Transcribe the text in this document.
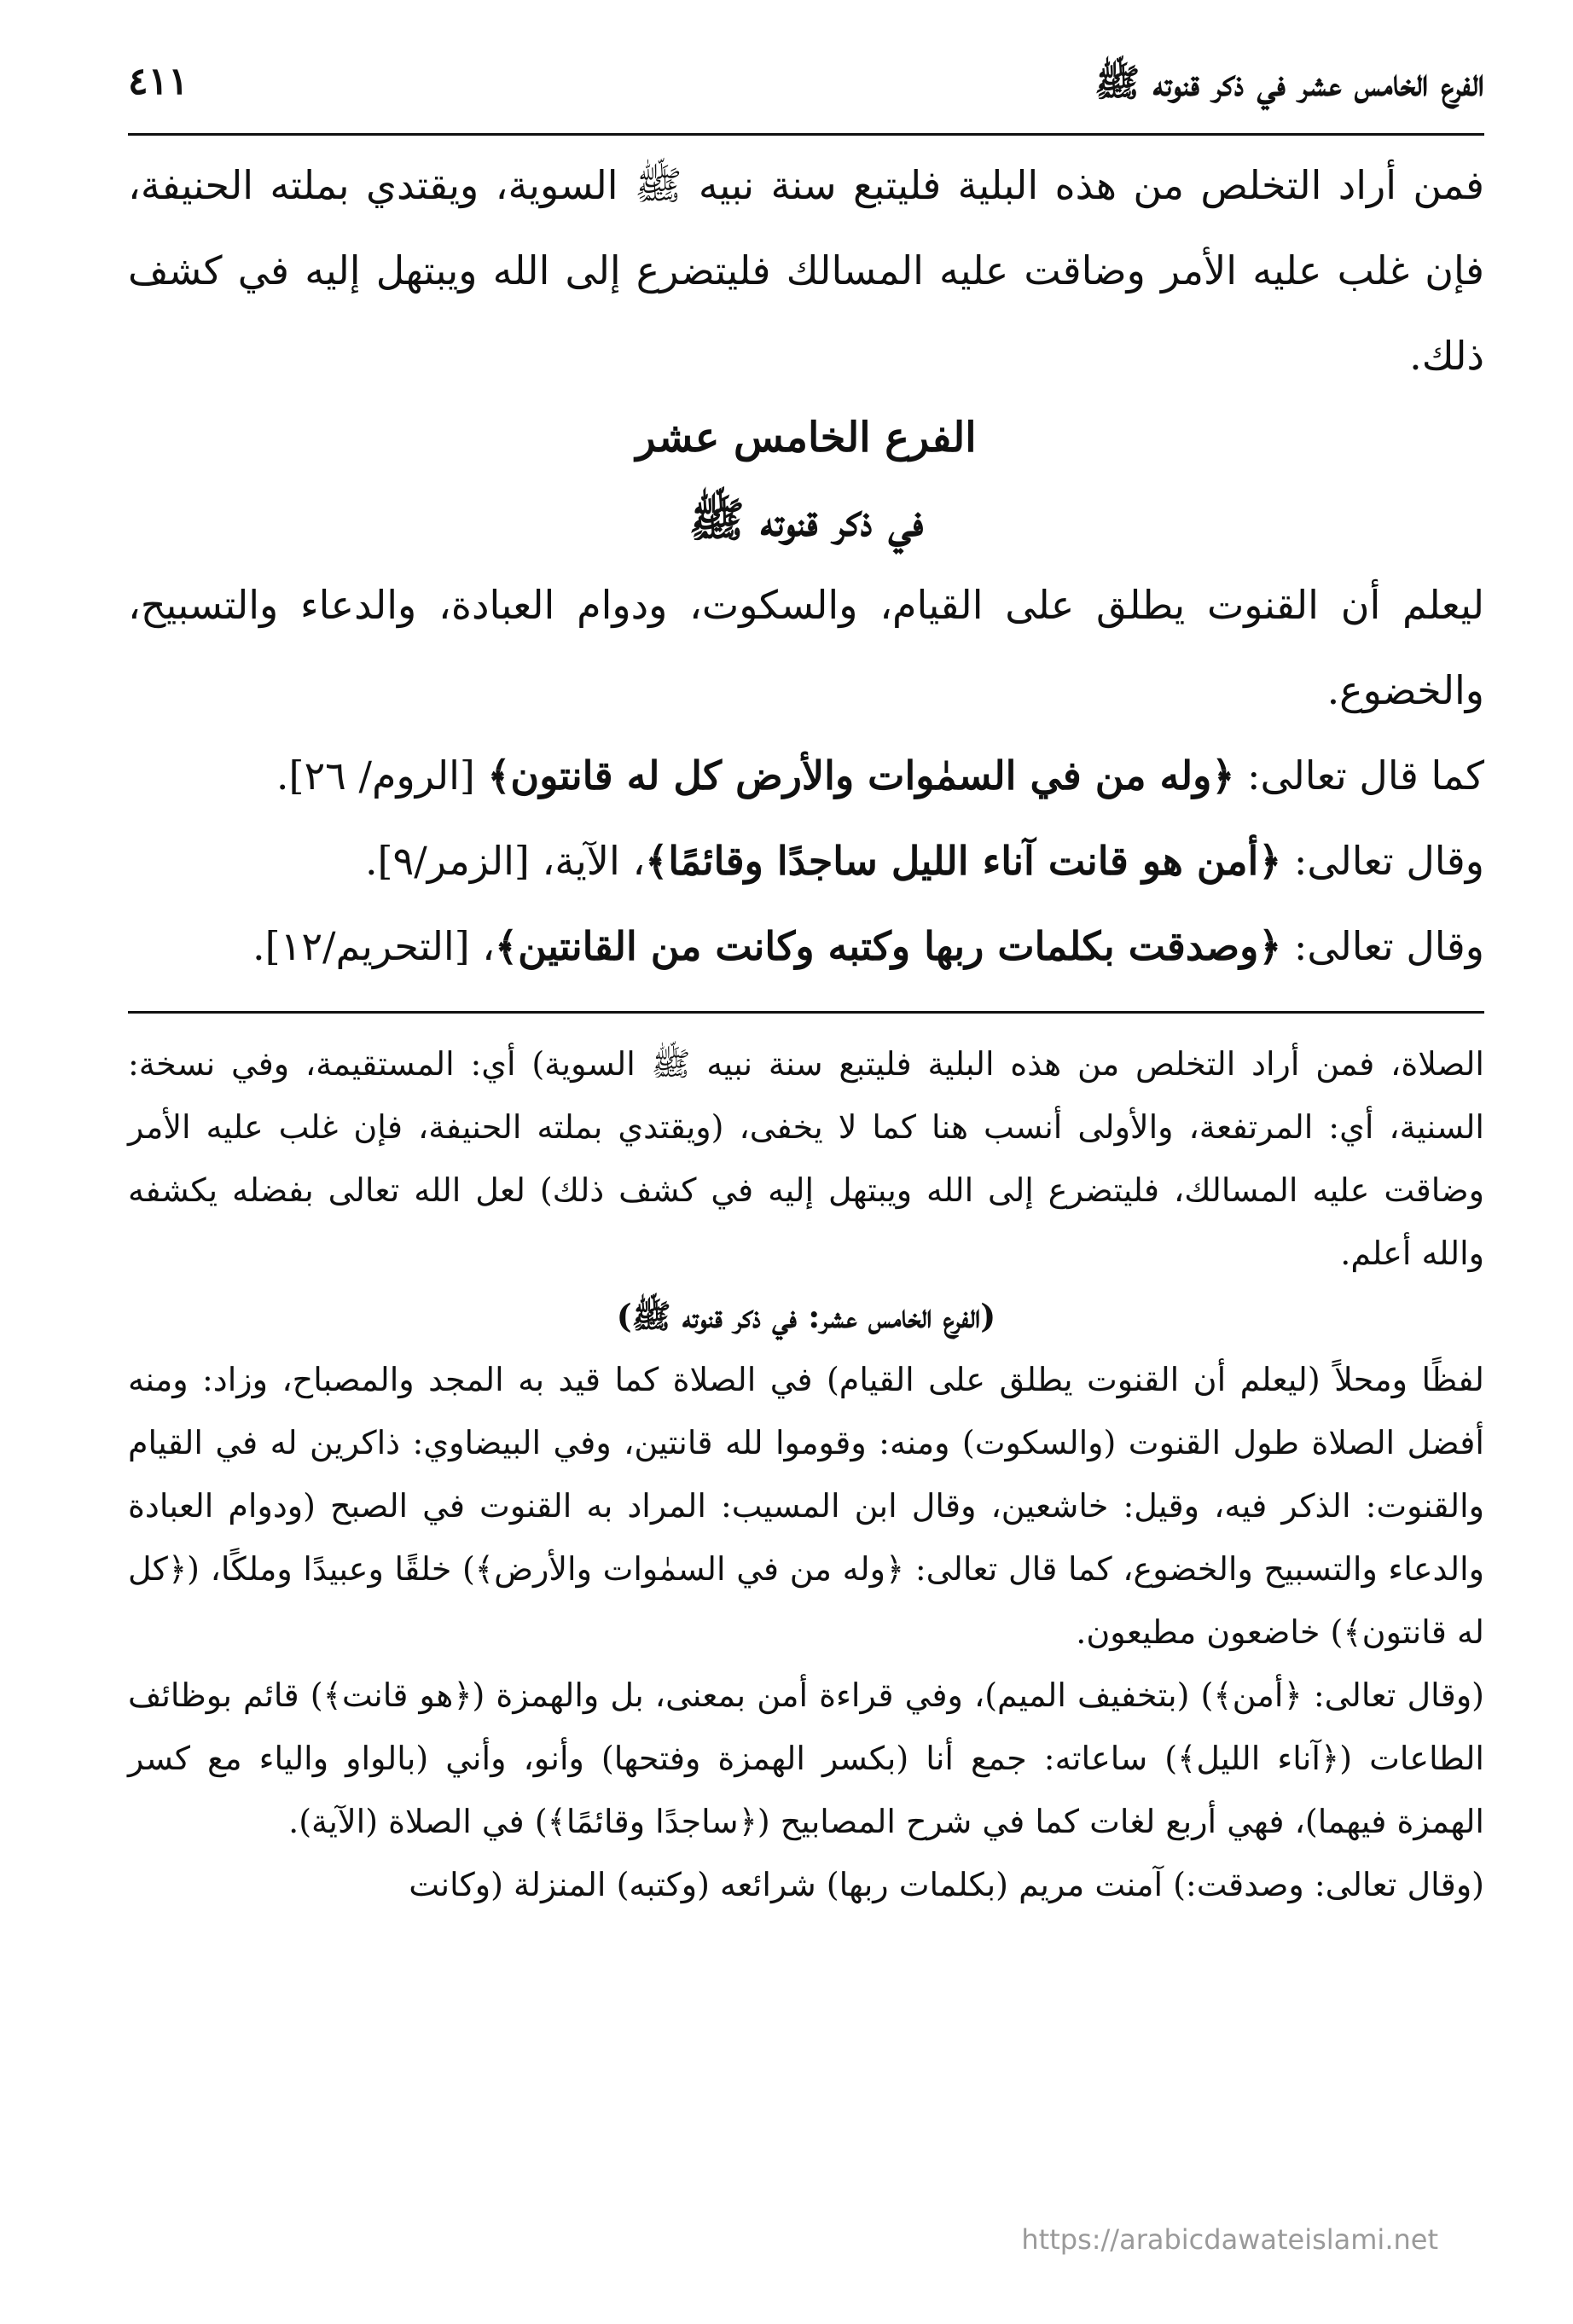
الفرع الخامس عشر في ذكر قنوته ﷺ
٤١١

فمن أراد التخلص من هذه البلية فليتبع سنة نبيه ﷺ السوية، ويقتدي بملته الحنيفة، فإن غلب عليه الأمر وضاقت عليه المسالك فليتضرع إلى الله ويبتهل إليه في كشف ذلك.

الفرع الخامس عشر
في ذكر قنوته ﷺ

ليعلم أن القنوت يطلق على القيام، والسكوت، ودوام العبادة، والدعاء والتسبيح، والخضوع.

كما قال تعالى: ﴿وله من في السمٰوات والأرض كل له قانتون﴾ [الروم/ ٢٦].

وقال تعالى: ﴿أمن هو قانت آناء الليل ساجدًا وقائمًا﴾، الآية، [الزمر/٩].

وقال تعالى: ﴿وصدقت بكلمات ربها وكتبه وكانت من القانتين﴾، [التحريم/١٢].

الصلاة، فمن أراد التخلص من هذه البلية فليتبع سنة نبيه ﷺ السوية) أي: المستقيمة، وفي نسخة: السنية، أي: المرتفعة، والأولى أنسب هنا كما لا يخفى، (ويقتدي بملته الحنيفة، فإن غلب عليه الأمر وضاقت عليه المسالك، فليتضرع إلى الله ويبتهل إليه في كشف ذلك) لعل الله تعالى بفضله يكشفه والله أعلم.

(الفرع الخامس عشر: في ذكر قنوته ﷺ)

لفظًا ومحلاً (ليعلم أن القنوت يطلق على القيام) في الصلاة كما قيد به المجد والمصباح، وزاد: ومنه أفضل الصلاة طول القنوت (والسكوت) ومنه: وقوموا لله قانتين، وفي البيضاوي: ذاكرين له في القيام والقنوت: الذكر فيه، وقيل: خاشعين، وقال ابن المسيب: المراد به القنوت في الصبح (ودوام العبادة والدعاء والتسبيح والخضوع، كما قال تعالى: ﴿وله من في السمٰوات والأرض﴾) خلقًا وعبيدًا وملكًا، (﴿كل له قانتون﴾) خاضعون مطيعون.

(وقال تعالى: ﴿أمن﴾) (بتخفيف الميم)، وفي قراءة أمن بمعنى، بل والهمزة (﴿هو قانت﴾) قائم بوظائف الطاعات (﴿آناء الليل﴾) ساعاته: جمع أنا (بكسر الهمزة وفتحها) وأنو، وأني (بالواو والياء مع كسر الهمزة فيهما)، فهي أربع لغات كما في شرح المصابيح (﴿ساجدًا وقائمًا﴾) في الصلاة (الآية).

(وقال تعالى: وصدقت:) آمنت مريم (بكلمات ربها) شرائعه (وكتبه) المنزلة (وكانت

https://arabicdawateislami.net
